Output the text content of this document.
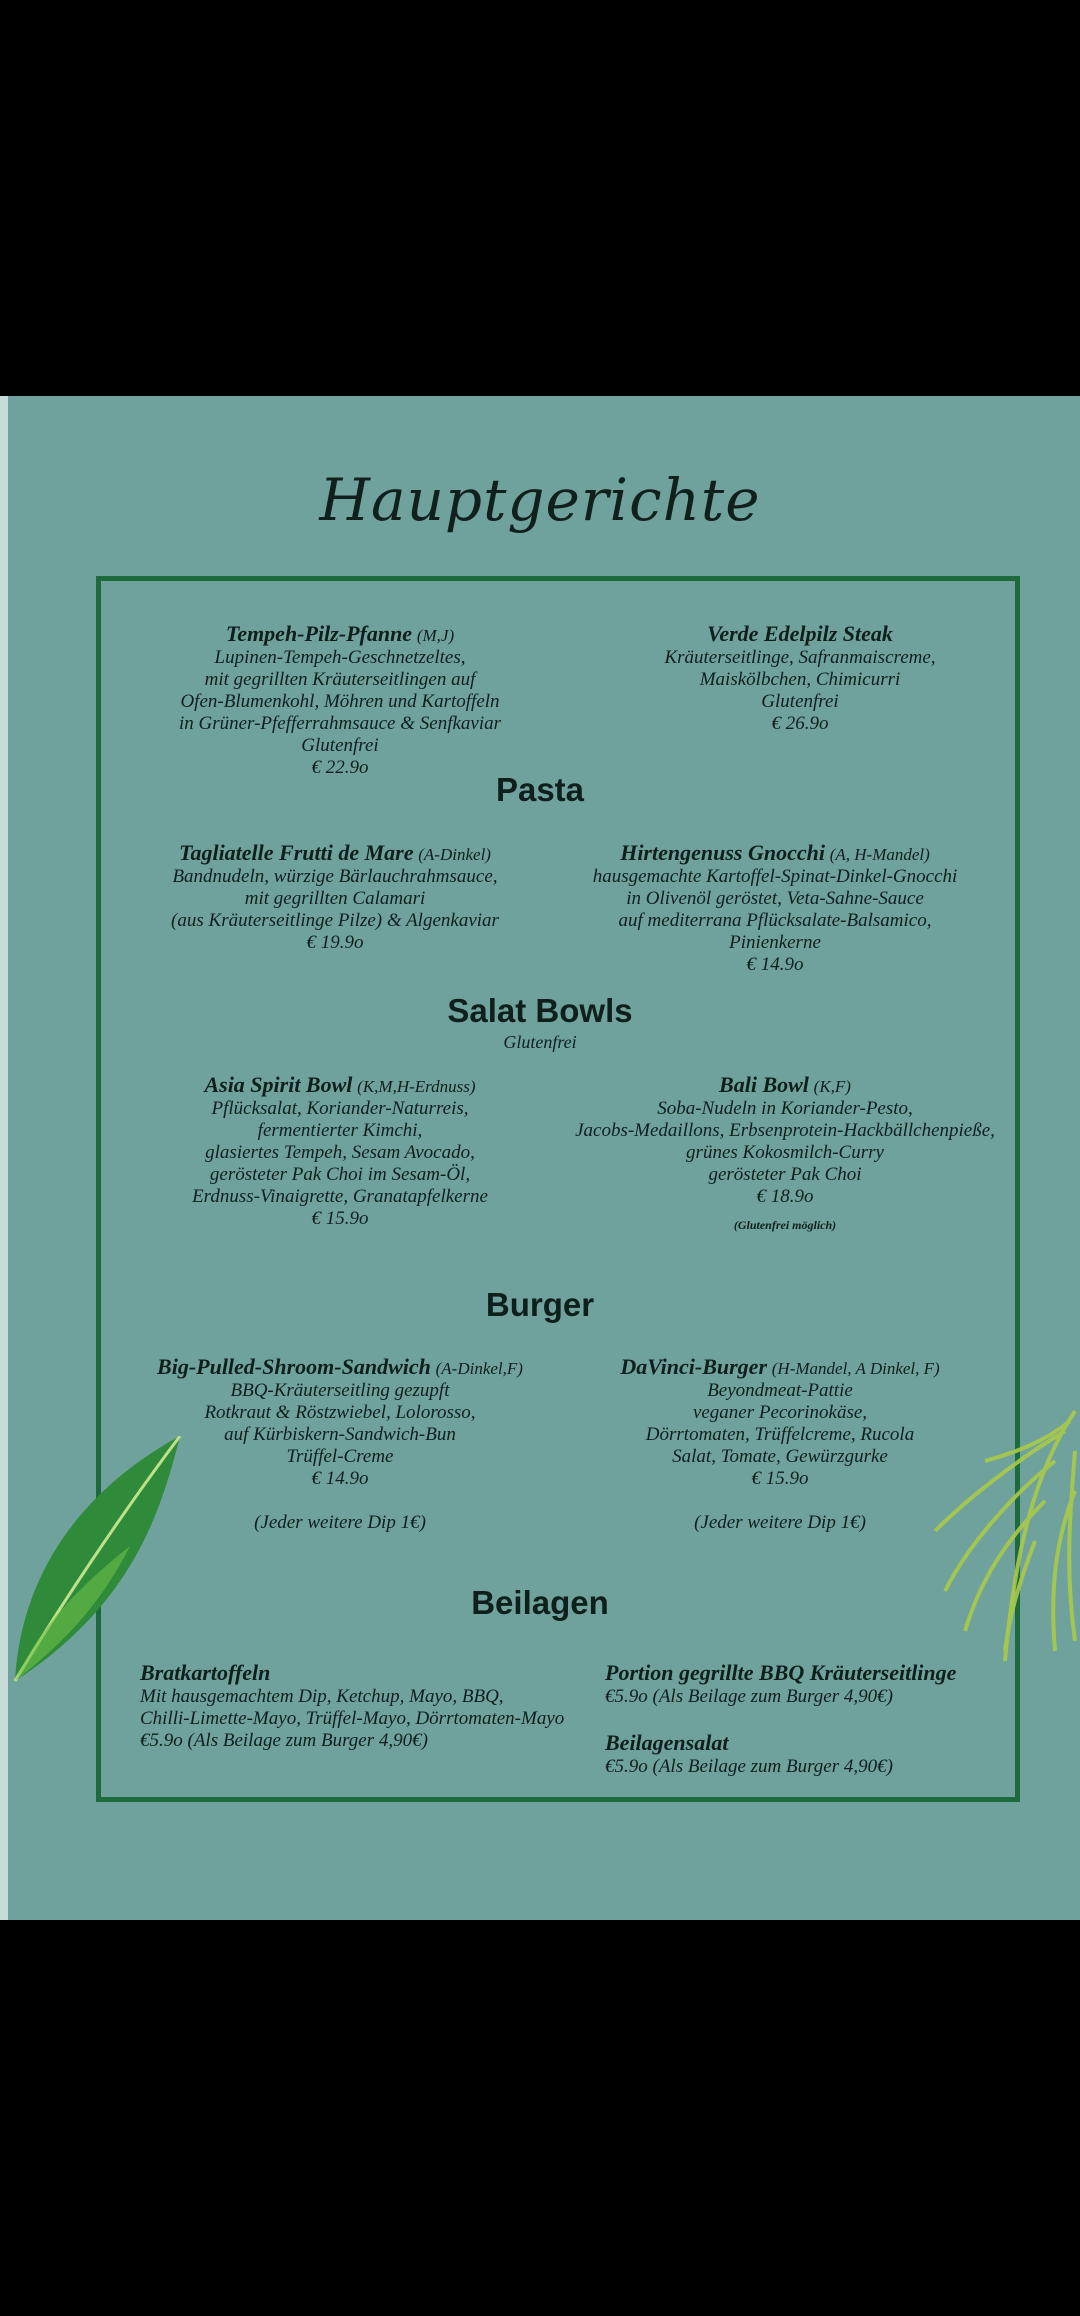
Hauptgerichte
Tempeh-Pilz-Pfanne (M,J)
Lupinen-Tempeh-Geschnetzeltes,
mit gegrillten Kräuterseitlingen auf
Ofen-Blumenkohl, Möhren und Kartoffeln
in Grüner-Pfefferrahmsauce & Senfkaviar
Glutenfrei
€ 22.9o
Verde Edelpilz Steak
Kräuterseitlinge, Safranmaiscreme,
Maiskölbchen, Chimicurri
Glutenfrei
€ 26.9o
Pasta
Tagliatelle Frutti de Mare (A-Dinkel)
Bandnudeln, würzige Bärlauchrahmsauce,
mit gegrillten Calamari
(aus Kräuterseitlinge Pilze) & Algenkaviar
€ 19.9o
Hirtengenuss Gnocchi (A, H-Mandel)
hausgemachte Kartoffel-Spinat-Dinkel-Gnocchi
in Olivenöl geröstet, Veta-Sahne-Sauce
auf mediterrana Pflücksalate-Balsamico,
Pinienkerne
€ 14.9o
Salat Bowls
Glutenfrei
Asia Spirit Bowl (K,M,H-Erdnuss)
Pflücksalat, Koriander-Naturreis,
fermentierter Kimchi,
glasiertes Tempeh, Sesam Avocado,
gerösteter Pak Choi im Sesam-Öl,
Erdnuss-Vinaigrette, Granatapfelkerne
€ 15.9o
Bali Bowl (K,F)
Soba-Nudeln in Koriander-Pesto,
Jacobs-Medaillons, Erbsenprotein-Hackbällchenpieße,
grünes Kokosmilch-Curry
gerösteter Pak Choi
€ 18.9o
(Glutenfrei möglich)
Burger
Big-Pulled-Shroom-Sandwich (A-Dinkel,F)
BBQ-Kräuterseitling gezupft
Rotkraut & Röstzwiebel, Lolorosso,
auf Kürbiskern-Sandwich-Bun
Trüffel-Creme
€ 14.9o
(Jeder weitere Dip 1€)
DaVinci-Burger (H-Mandel, A Dinkel, F)
Beyondmeat-Pattie
veganer Pecorinokäse,
Dörrtomaten, Trüffelcreme, Rucola
Salat, Tomate, Gewürzgurke
€ 15.9o
(Jeder weitere Dip 1€)
Beilagen
Bratkartoffeln
Mit hausgemachtem Dip, Ketchup, Mayo, BBQ,
Chilli-Limette-Mayo, Trüffel-Mayo, Dörrtomaten-Mayo
€5.9o (Als Beilage zum Burger 4,90€)
Portion gegrillte BBQ Kräuterseitlinge
€5.9o (Als Beilage zum Burger 4,90€)
Beilagensalat
€5.9o (Als Beilage zum Burger 4,90€)
